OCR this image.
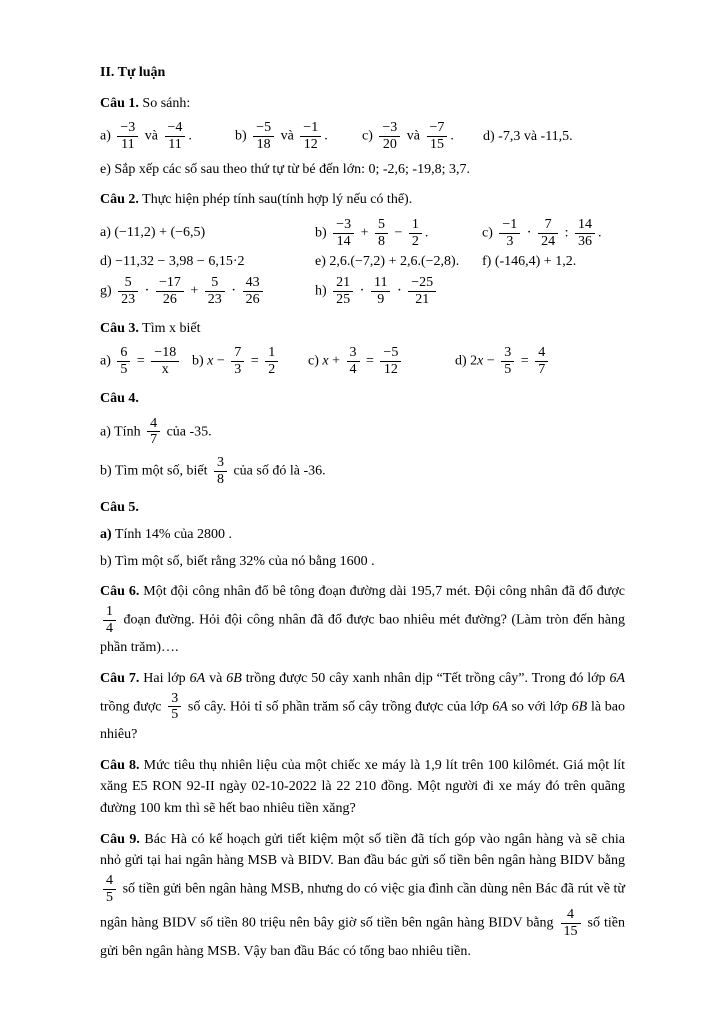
II. Tự luận
Câu 1. So sánh:
$a) \frac{-3}{11}$ và $\frac{-4}{11}$ .	$b) \frac{-5}{18}$ và $\frac{-1}{12}$ .	$c) \frac{-3}{20}$ và $\frac{-7}{15}$ .	d) -7,3 và -11,5.
e) Sắp xếp các số sau theo thứ tự từ bé đến lớn: 0; -2,6; -19,8; 3,7.
Câu 2. Thực hiện phép tính sau(tính hợp lý nếu có thể).
a) (−11,2) + (−6,5)	$b) \frac{-3}{14} + \frac{5}{8} - \frac{1}{2}$ .	$c) \frac{-1}{3} \cdot \frac{7}{24}$ : $\frac{14}{36}$ .
d) −11,32 − 3,98 − 6,15·2	e) 2,6.(−7,2) + 2,6.(−2,8).	f) (-146,4) + 1,2.
$g) \frac{5}{23} \cdot \frac{-17}{26} + \frac{5}{23} \cdot \frac{43}{26}$	$h) \frac{21}{25} \cdot \frac{11}{9} \cdot \frac{-25}{21}$
Câu 3. Tìm x biết
$a) \frac{6}{5} = \frac{-18}{x} b$) $x - \frac{7}{3} = \frac{1}{2} c$) $x + \frac{3}{4} = \frac{-5}{12}$	d) $2x - \frac{3}{5} = \frac{4}{7}$
Câu 4.
a) Tính $\frac{4}{7}$ của -35.
b) Tìm một số, biết $\frac{3}{8}$ của số đó là -36.
Câu 5.
a) Tính 14% của 2800 .
b) Tìm một số, biết rằng 32% của nó bằng 1600 .
Câu 6. Một đội công nhân đổ bê tông đoạn đường dài 195,7 mét. Đội công nhân đã đổ được
$\frac{1}{4}$ đoạn đường. Hỏi đội công nhân đã đổ được bao nhiêu mét đường? (Làm tròn đến hàng phần trăm)….
Câu 7. Hai lớp 6A và 6B trồng được 50 cây xanh nhân dịp “Tết trồng cây”. Trong đó lớp 6A trồng được $\frac{3}{5}$ số cây. Hỏi tỉ số phần trăm số cây trồng được của lớp 6A so với lớp 6B là bao nhiêu?
Câu 8. Mức tiêu thụ nhiên liệu của một chiếc xe máy là 1,9 lít trên 100 kilômét. Giá một lít xăng E5 RON 92-II ngày 02-10-2022 là 22 210 đồng. Một người đi xe máy đó trên quãng đường 100 km thì sẽ hết bao nhiêu tiền xăng?
Câu 9. Bác Hà có kế hoạch gửi tiết kiệm một số tiền đã tích góp vào ngân hàng và sẽ chia nhỏ gửi tại hai ngân hàng MSB và BIDV. Ban đầu bác gửi số tiền bên ngân hàng BIDV bằng
$\frac{4}{5}$ số tiền gửi bên ngân hàng MSB, nhưng do có việc gia đình cần dùng nên Bác đã rút về từ ngân hàng BIDV số tiền 80 triệu nên bây giờ số tiền bên ngân hàng BIDV bằng $\frac{4}{15}$ số tiền gửi bên ngân hàng MSB. Vậy ban đầu Bác có tổng bao nhiêu tiền.
